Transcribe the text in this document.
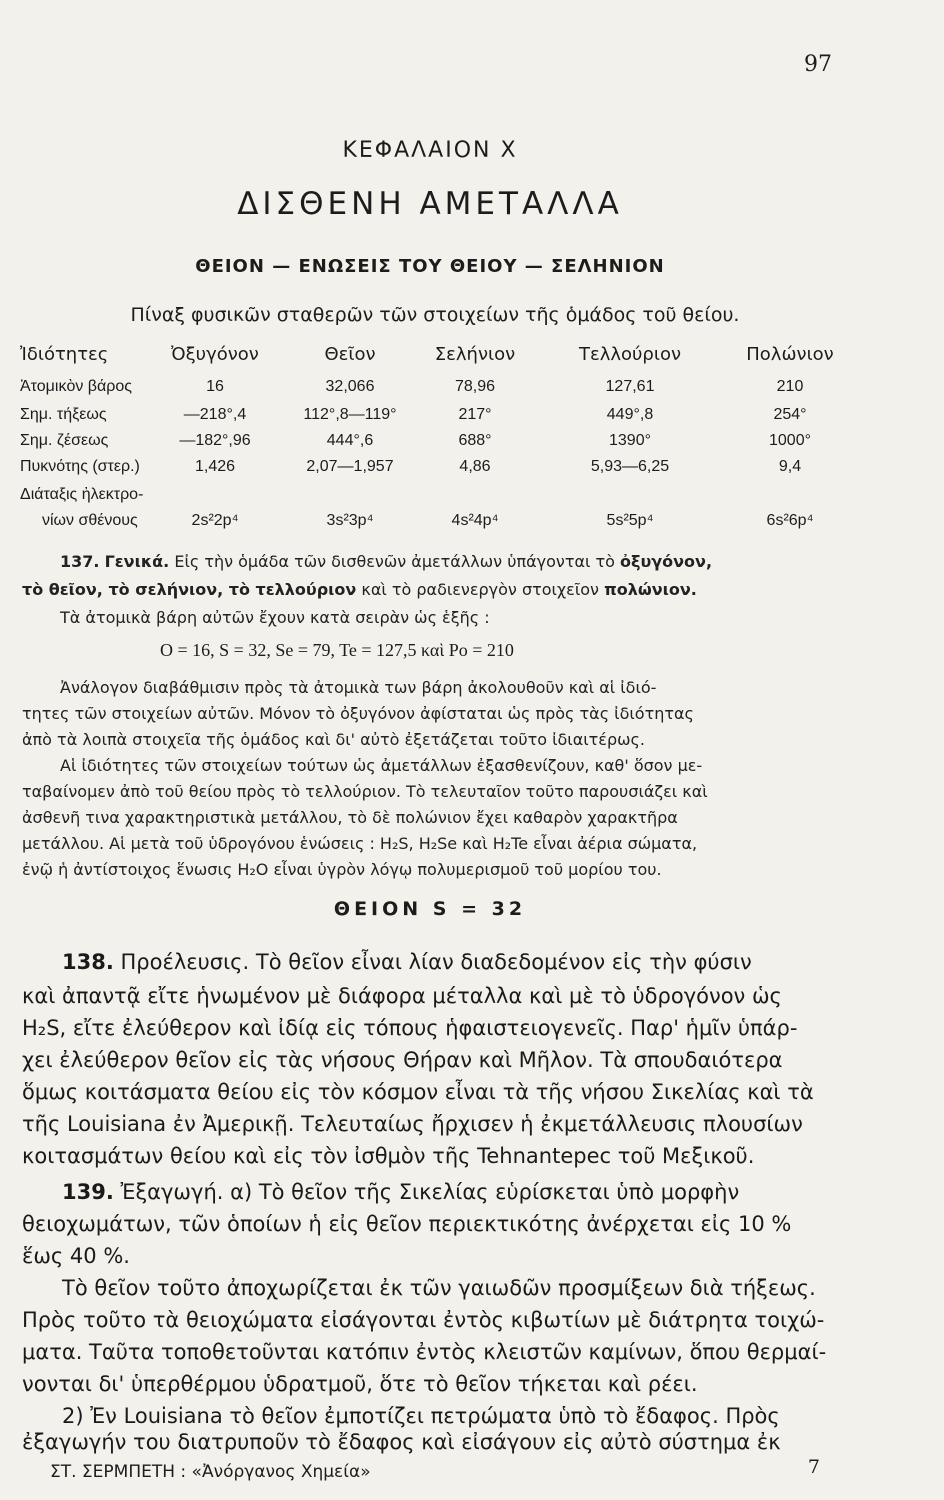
97
ΚΕΦΑΛΑΙΟΝ Χ
ΔΙΣΘΕΝΗ ΑΜΕΤΑΛΛΑ
ΘΕΙΟΝ — ΕΝΩΣΕΙΣ ΤΟΥ ΘΕΙΟΥ — ΣΕΛΗΝΙΟΝ
Πίναξ φυσικῶν σταθερῶν τῶν στοιχείων τῆς ὁμάδος τοῦ θείου.
Ἰδιότητες	Ὀξυγόνον	Θεῖον	Σελήνιον	Τελλούριον	Πολώνιον
Ἀτομικὸν βάρος	16	32,066	78,96	127,61	210
Σημ. τήξεως	—218°,4	112°,8—119°	217°	449°,8	254°
Σημ. ζέσεως	—182°,96	444°,6	688°	1390°	1000°
Πυκνότης (στερ.)	1,426	2,07—1,957	4,86	5,93—6,25	9,4
Διάταξις ἠλεκτρο-
νίων σθένους	2s²2p⁴	3s²3p⁴	4s²4p⁴	5s²5p⁴	6s²6p⁴
137. Γενικά. Εἰς τὴν ὁμάδα τῶν δισθενῶν ἀμετάλλων ὑπάγονται τὸ ὀξυγόνον,
τὸ θεῖον, τὸ σελήνιον, τὸ τελλούριον καὶ τὸ ραδιενεργὸν στοιχεῖον πολώνιον.
Τὰ ἀτομικὰ βάρη αὐτῶν ἔχουν κατὰ σειρὰν ὡς ἑξῆς :
O = 16, S = 32, Se = 79, Te = 127,5 καὶ Po = 210
Ἀνάλογον διαβάθμισιν πρὸς τὰ ἀτομικὰ των βάρη ἀκολουθοῦν καὶ αἱ ἰδιό-
τητες τῶν στοιχείων αὐτῶν. Μόνον τὸ ὀξυγόνον ἀφίσταται ὡς πρὸς τὰς ἰδιότητας
ἀπὸ τὰ λοιπὰ στοιχεῖα τῆς ὁμάδος καὶ δι' αὐτὸ ἐξετάζεται τοῦτο ἰδιαιτέρως.
Αἱ ἰδιότητες τῶν στοιχείων τούτων ὡς ἀμετάλλων ἐξασθενίζουν, καθ' ὅσον με-
ταβαίνομεν ἀπὸ τοῦ θείου πρὸς τὸ τελλούριον. Τὸ τελευταῖον τοῦτο παρουσιάζει καὶ
ἀσθενῆ τινα χαρακτηριστικὰ μετάλλου, τὸ δὲ πολώνιον ἔχει καθαρὸν χαρακτῆρα
μετάλλου. Αἱ μετὰ τοῦ ὑδρογόνου ἑνώσεις : H₂S, H₂Se καὶ H₂Te εἶναι ἀέρια σώματα,
ἐνῷ ἡ ἀντίστοιχος ἕνωσις H₂O εἶναι ὑγρὸν λόγῳ πολυμερισμοῦ τοῦ μορίου του.
ΘΕΙΟΝ S = 32
138. Προέλευσις. Τὸ θεῖον εἶναι λίαν διαδεδομένον εἰς τὴν φύσιν
καὶ ἀπαντᾷ εἴτε ἡνωμένον μὲ διάφορα μέταλλα καὶ μὲ τὸ ὑδρογόνον ὡς
H₂S, εἴτε ἐλεύθερον καὶ ἰδίᾳ εἰς τόπους ἡφαιστειογενεῖς. Παρ' ἡμῖν ὑπάρ-
χει ἐλεύθερον θεῖον εἰς τὰς νήσους Θήραν καὶ Μῆλον. Τὰ σπουδαιότερα
ὅμως κοιτάσματα θείου εἰς τὸν κόσμον εἶναι τὰ τῆς νήσου Σικελίας καὶ τὰ
τῆς Louisiana ἐν Ἀμερικῇ. Τελευταίως ἤρχισεν ἡ ἐκμετάλλευσις πλουσίων
κοιτασμάτων θείου καὶ εἰς τὸν ἰσθμὸν τῆς Tehnantepec τοῦ Μεξικοῦ.
139. Ἐξαγωγή. α) Τὸ θεῖον τῆς Σικελίας εὑρίσκεται ὑπὸ μορφὴν
θειοχωμάτων, τῶν ὁποίων ἡ εἰς θεῖον περιεκτικότης ἀνέρχεται εἰς 10 %
ἕως 40 %.
Τὸ θεῖον τοῦτο ἀποχωρίζεται ἐκ τῶν γαιωδῶν προσμίξεων διὰ τήξεως.
Πρὸς τοῦτο τὰ θειοχώματα εἰσάγονται ἐντὸς κιβωτίων μὲ διάτρητα τοιχώ-
ματα. Ταῦτα τοποθετοῦνται κατόπιν ἐντὸς κλειστῶν καμίνων, ὅπου θερμαί-
νονται δι' ὑπερθέρμου ὑδρατμοῦ, ὅτε τὸ θεῖον τήκεται καὶ ρέει.
2) Ἐν Louisiana τὸ θεῖον ἐμποτίζει πετρώματα ὑπὸ τὸ ἔδαφος. Πρὸς
ἐξαγωγήν του διατρυποῦν τὸ ἔδαφος καὶ εἰσάγουν εἰς αὐτὸ σύστημα ἐκ
ΣΤ. ΣΕΡΜΠΕΤΗ : «Ἀνόργανος Χημεία»	7
